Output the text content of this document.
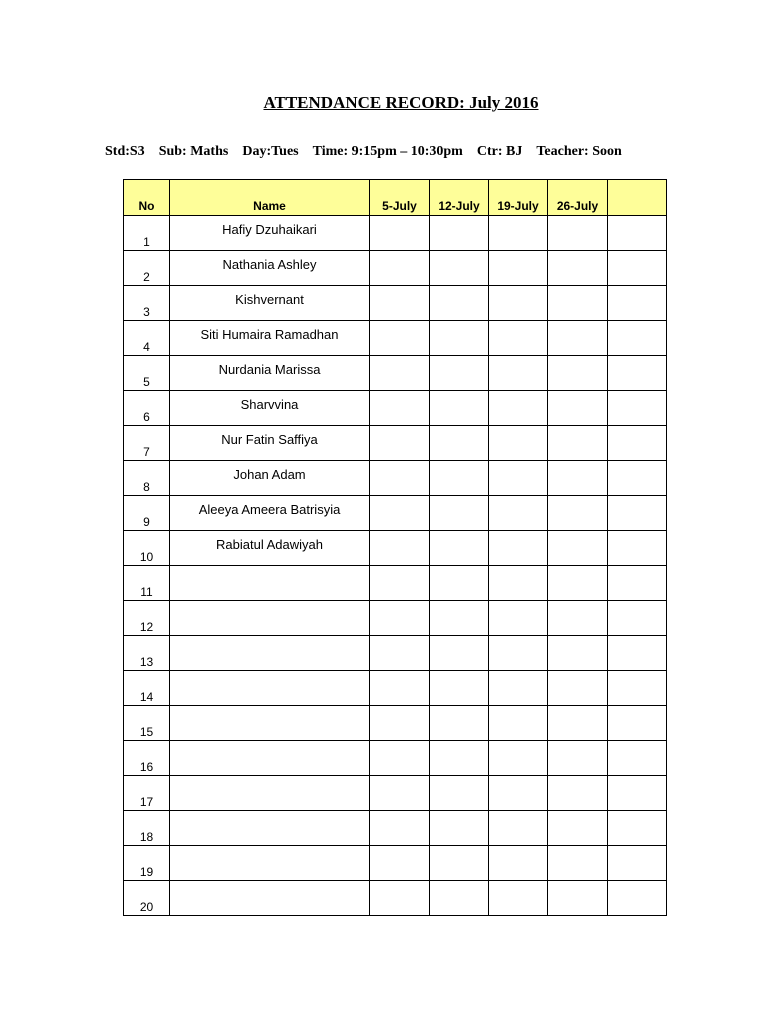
ATTENDANCE RECORD: July 2016
Std:S3 Sub: Maths Day:Tues Time: 9:15pm – 10:30pm Ctr: BJ Teacher: Soon
No	Name	5-July	12-July	19-July	26-July	
1	Hafiy Dzuhaikari					
2	Nathania Ashley					
3	Kishvernant					
4	Siti Humaira Ramadhan					
5	Nurdania Marissa					
6	Sharvvina					
7	Nur Fatin Saffiya					
8	Johan Adam					
9	Aleeya Ameera Batrisyia					
10	Rabiatul Adawiyah					
11						
12						
13						
14						
15						
16						
17						
18						
19						
20						
